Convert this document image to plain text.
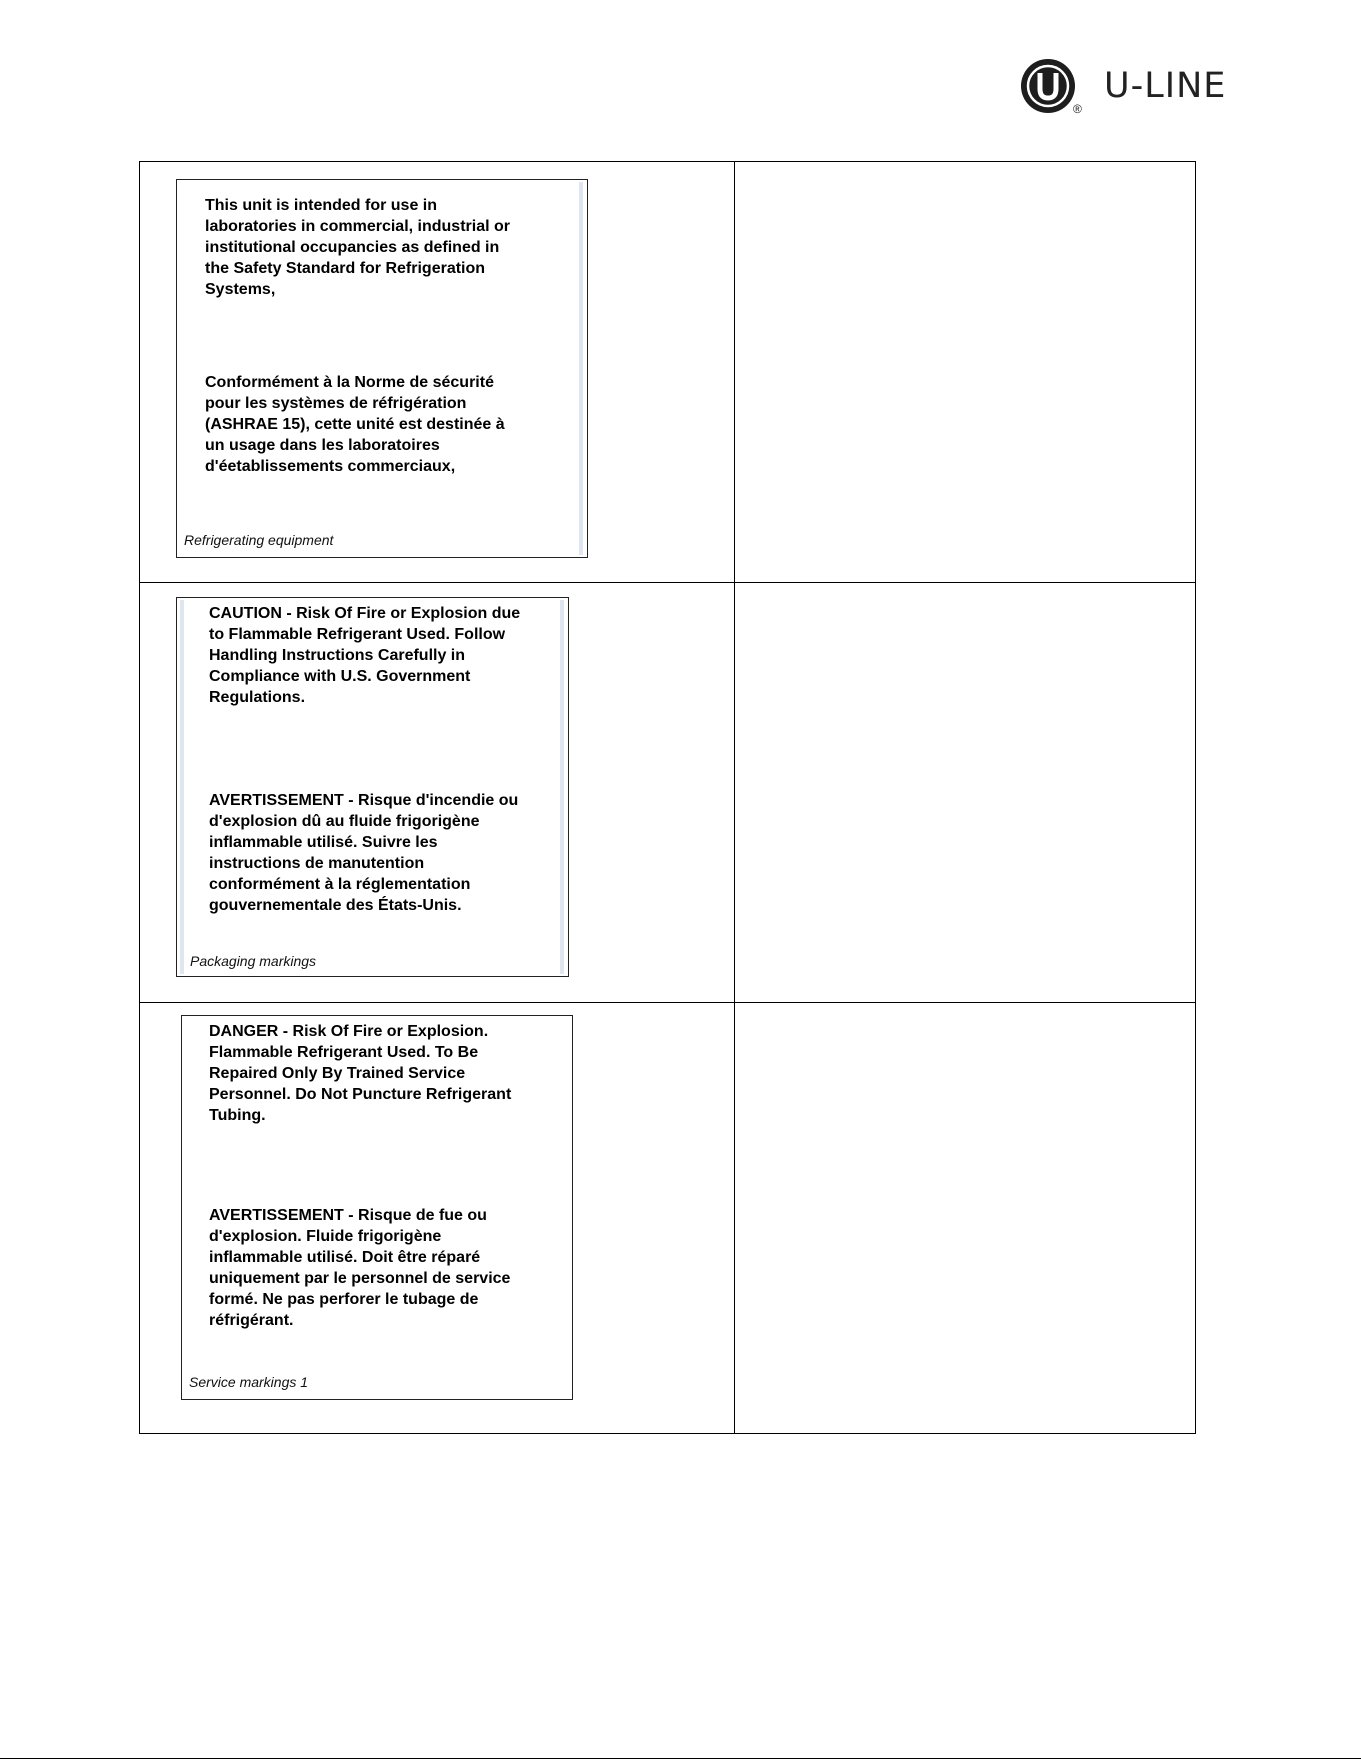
®
U-LINE
This unit is intended for use in
laboratories in commercial, industrial or
institutional occupancies as defined in
the Safety Standard for Refrigeration
Systems,
Conformément à la Norme de sécurité
pour les systèmes de réfrigération
(ASHRAE 15), cette unité est destinée à
un usage dans les laboratoires
d'éetablissements commerciaux,
Refrigerating equipment
CAUTION - Risk Of Fire or Explosion due
to Flammable Refrigerant Used. Follow
Handling Instructions Carefully in
Compliance with U.S. Government
Regulations.
AVERTISSEMENT - Risque d'incendie ou
d'explosion dû au fluide frigorigène
inflammable utilisé. Suivre les
instructions de manutention
conformément à la réglementation
gouvernementale des États-Unis.
Packaging markings
DANGER - Risk Of Fire or Explosion.
Flammable Refrigerant Used. To Be
Repaired Only By Trained Service
Personnel. Do Not Puncture Refrigerant
Tubing.
AVERTISSEMENT - Risque de fue ou
d'explosion. Fluide frigorigène
inflammable utilisé. Doit être réparé
uniquement par le personnel de service
formé. Ne pas perforer le tubage de
réfrigérant.
Service markings 1
